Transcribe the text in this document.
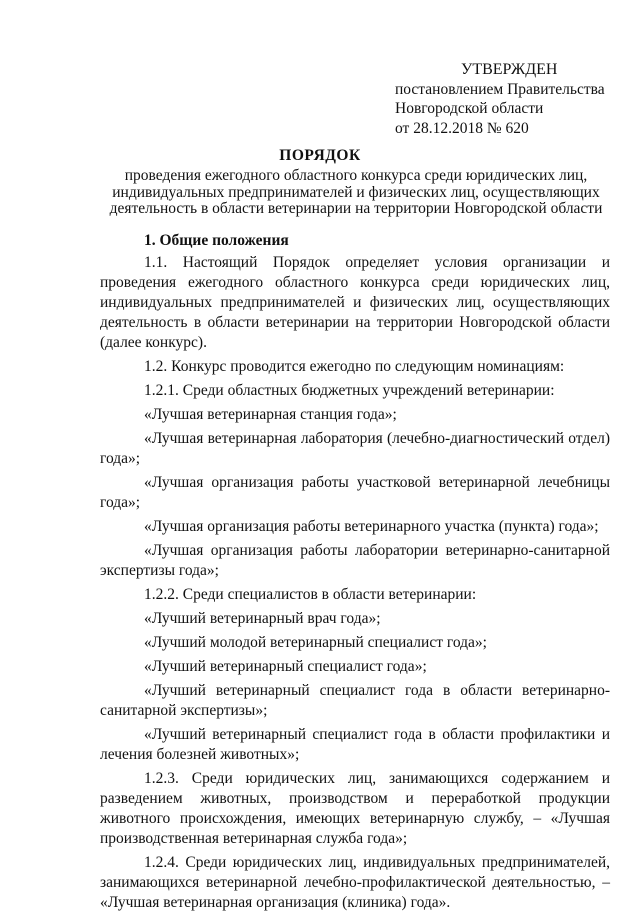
УТВЕРЖДЕН
постановлением Правительства
Новгородской области
от 28.12.2018 № 620
ПОРЯДОК
проведения ежегодного областного конкурса среди юридических лиц,
индивидуальных предпринимателей и физических лиц, осуществляющих
деятельность в области ветеринарии на территории Новгородской области
1. Общие положения
1.1. Настоящий Порядок определяет условия организации и проведения ежегодного областного конкурса среди юридических лиц, индивидуальных предпринимателей и физических лиц, осуществляющих деятельность в области ветеринарии на территории Новгородской области (далее конкурс).
1.2. Конкурс проводится ежегодно по следующим номинациям:
1.2.1. Среди областных бюджетных учреждений ветеринарии:
«Лучшая ветеринарная станция года»;
«Лучшая ветеринарная лаборатория (лечебно-диагностический отдел) года»;
«Лучшая организация работы участковой ветеринарной лечебницы года»;
«Лучшая организация работы ветеринарного участка (пункта) года»;
«Лучшая организация работы лаборатории ветеринарно-санитарной экспертизы года»;
1.2.2. Среди специалистов в области ветеринарии:
«Лучший ветеринарный врач года»;
«Лучший молодой ветеринарный специалист года»;
«Лучший ветеринарный специалист года»;
«Лучший ветеринарный специалист года в области ветеринарно-санитарной экспертизы»;
«Лучший ветеринарный специалист года в области профилактики и лечения болезней животных»;
1.2.3. Среди юридических лиц, занимающихся содержанием и разведением животных, производством и переработкой продукции животного происхождения, имеющих ветеринарную службу, – «Лучшая производственная ветеринарная служба года»;
1.2.4. Среди юридических лиц, индивидуальных предпринимателей, занимающихся ветеринарной лечебно-профилактической деятельностью, – «Лучшая ветеринарная организация (клиника) года».
